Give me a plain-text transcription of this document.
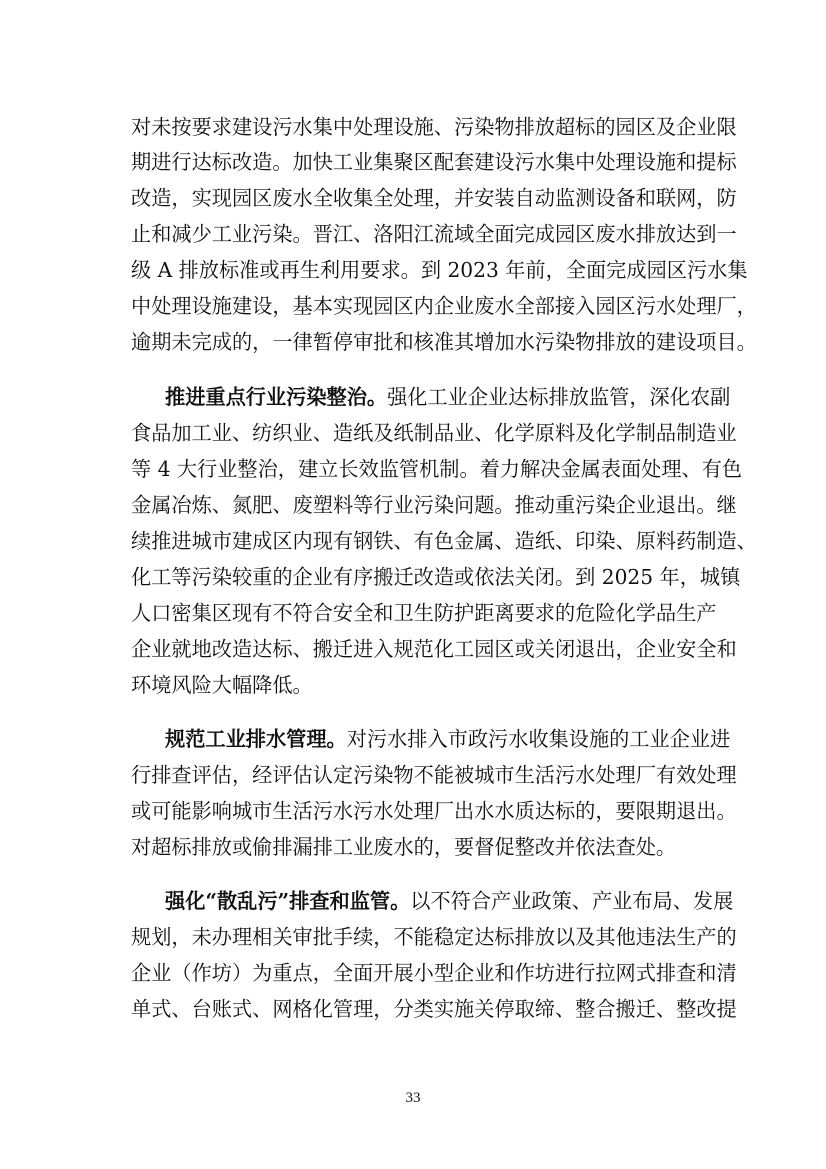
对未按要求建设污水集中处理设施、污染物排放超标的园区及企业限
期进行达标改造。加快工业集聚区配套建设污水集中处理设施和提标
改造，实现园区废水全收集全处理，并安装自动监测设备和联网，防
止和减少工业污染。晋江、洛阳江流域全面完成园区废水排放达到一
级 A 排放标准或再生利用要求。到 2023 年前，全面完成园区污水集
中处理设施建设，基本实现园区内企业废水全部接入园区污水处理厂，
逾期未完成的，一律暂停审批和核准其增加水污染物排放的建设项目。
推进重点行业污染整治。强化工业企业达标排放监管，深化农副
食品加工业、纺织业、造纸及纸制品业、化学原料及化学制品制造业
等 4 大行业整治，建立长效监管机制。着力解决金属表面处理、有色
金属冶炼、氮肥、废塑料等行业污染问题。推动重污染企业退出。继
续推进城市建成区内现有钢铁、有色金属、造纸、印染、原料药制造、
化工等污染较重的企业有序搬迁改造或依法关闭。到 2025 年，城镇
人口密集区现有不符合安全和卫生防护距离要求的危险化学品生产
企业就地改造达标、搬迁进入规范化工园区或关闭退出，企业安全和
环境风险大幅降低。
规范工业排水管理。对污水排入市政污水收集设施的工业企业进
行排查评估，经评估认定污染物不能被城市生活污水处理厂有效处理
或可能影响城市生活污水污水处理厂出水水质达标的，要限期退出。
对超标排放或偷排漏排工业废水的，要督促整改并依法查处。
强化“散乱污”排查和监管。以不符合产业政策、产业布局、发展
规划，未办理相关审批手续，不能稳定达标排放以及其他违法生产的
企业（作坊）为重点，全面开展小型企业和作坊进行拉网式排查和清
单式、台账式、网格化管理，分类实施关停取缔、整合搬迁、整改提
33
